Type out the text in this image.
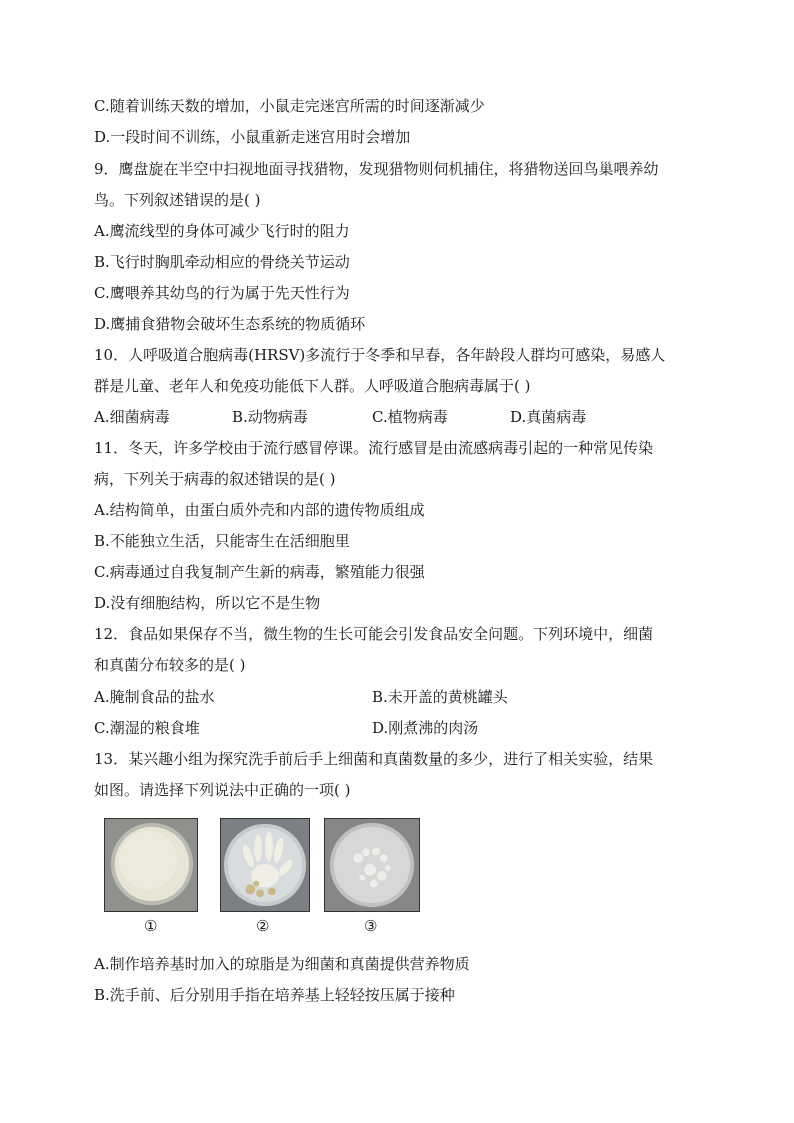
C.随着训练天数的增加，小鼠走完迷宫所需的时间逐渐减少
D.一段时间不训练，小鼠重新走迷宫用时会增加
9．鹰盘旋在半空中扫视地面寻找猎物，发现猎物则伺机捕住，将猎物送回鸟巢喂养幼
鸟。下列叙述错误的是( )
A.鹰流线型的身体可减少飞行时的阻力
B.飞行时胸肌牵动相应的骨绕关节运动
C.鹰喂养其幼鸟的行为属于先天性行为
D.鹰捕食猎物会破坏生态系统的物质循环
10．人呼吸道合胞病毒(HRSV)多流行于冬季和早春，各年龄段人群均可感染，易感人
群是儿童、老年人和免疫功能低下人群。人呼吸道合胞病毒属于( )
A.细菌病毒	B.动物病毒	C.植物病毒	D.真菌病毒
11．冬天，许多学校由于流行感冒停课。流行感冒是由流感病毒引起的一种常见传染
病，下列关于病毒的叙述错误的是( )
A.结构简单，由蛋白质外壳和内部的遗传物质组成
B.不能独立生活，只能寄生在活细胞里
C.病毒通过自我复制产生新的病毒，繁殖能力很强
D.没有细胞结构，所以它不是生物
12．食品如果保存不当，微生物的生长可能会引发食品安全问题。下列环境中，细菌
和真菌分布较多的是( )
A.腌制食品的盐水	B.未开盖的黄桃罐头
C.潮湿的粮食堆	D.刚煮沸的肉汤
13．某兴趣小组为探究洗手前后手上细菌和真菌数量的多少，进行了相关实验，结果
如图。请选择下列说法中正确的一项( )
①	②	③
A.制作培养基时加入的琼脂是为细菌和真菌提供营养物质
B.洗手前、后分别用手指在培养基上轻轻按压属于接种
